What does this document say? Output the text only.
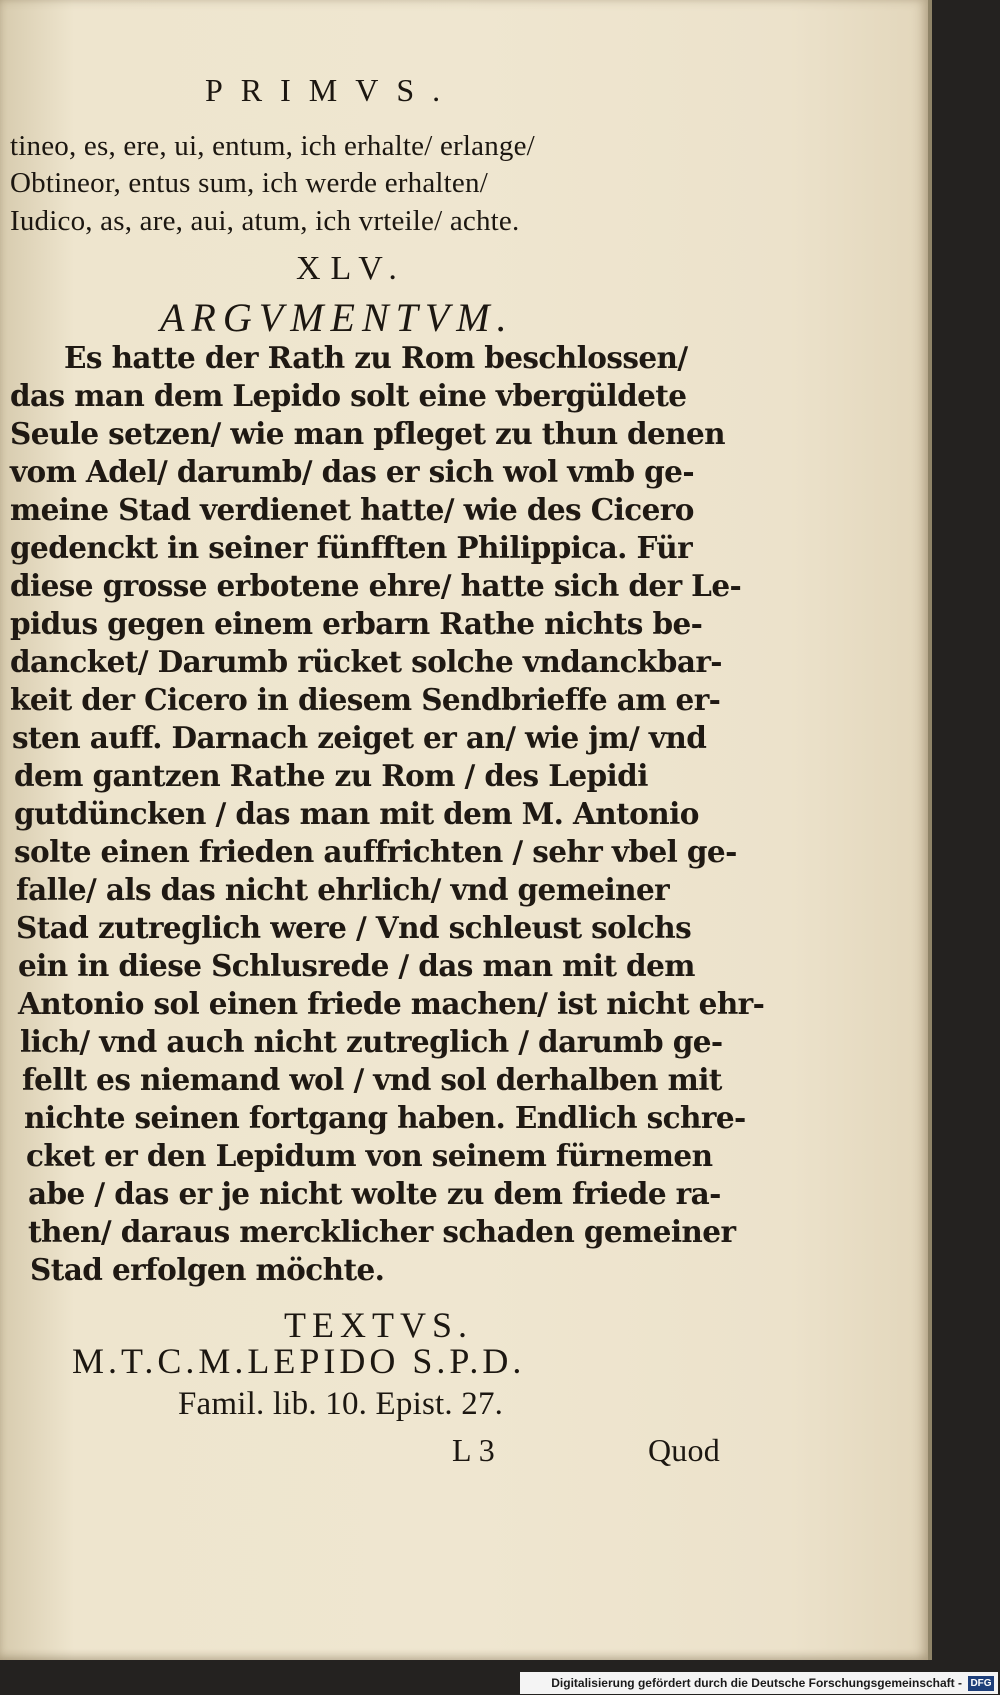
PRIMVS.
tineo, es, ere, ui, entum, ich erhalte/ erlange/
Obtineor, entus sum, ich werde erhalten/
Iudico, as, are, aui, atum, ich vrteile/ achte.
XLV.
ARGVMENTVM.
Es hatte der Rath zu Rom beschlossen/
das man dem Lepido solt eine vbergüldete
Seule setzen/ wie man pfleget zu thun denen
vom Adel/ darumb/ das er sich wol vmb ge-
meine Stad verdienet hatte/ wie des Cicero
gedenckt in seiner fünfften Philippica. Für
diese grosse erbotene ehre/ hatte sich der Le-
pidus gegen einem erbarn Rathe nichts be-
dancket/ Darumb rücket solche vndanckbar-
keit der Cicero in diesem Sendbrieffe am er-
sten auff. Darnach zeiget er an/ wie jm/ vnd
dem gantzen Rathe zu Rom / des Lepidi
gutdüncken / das man mit dem M. Antonio
solte einen frieden auffrichten / sehr vbel ge-
falle/ als das nicht ehrlich/ vnd gemeiner
Stad zutreglich were / Vnd schleust solchs
ein in diese Schlusrede / das man mit dem
Antonio sol einen friede machen/ ist nicht ehr-
lich/ vnd auch nicht zutreglich / darumb ge-
fellt es niemand wol / vnd sol derhalben mit
nichte seinen fortgang haben. Endlich schre-
cket er den Lepidum von seinem fürnemen
abe / das er je nicht wolte zu dem friede ra-
then/ daraus mercklicher schaden gemeiner
Stad erfolgen möchte.
TEXTVS.
M.T.C.M.LEPIDO S.P.D.
Famil. lib. 10. Epist. 27.
L 3	Quod
Digitalisierung gefördert durch die Deutsche Forschungsgemeinschaft - DFG
